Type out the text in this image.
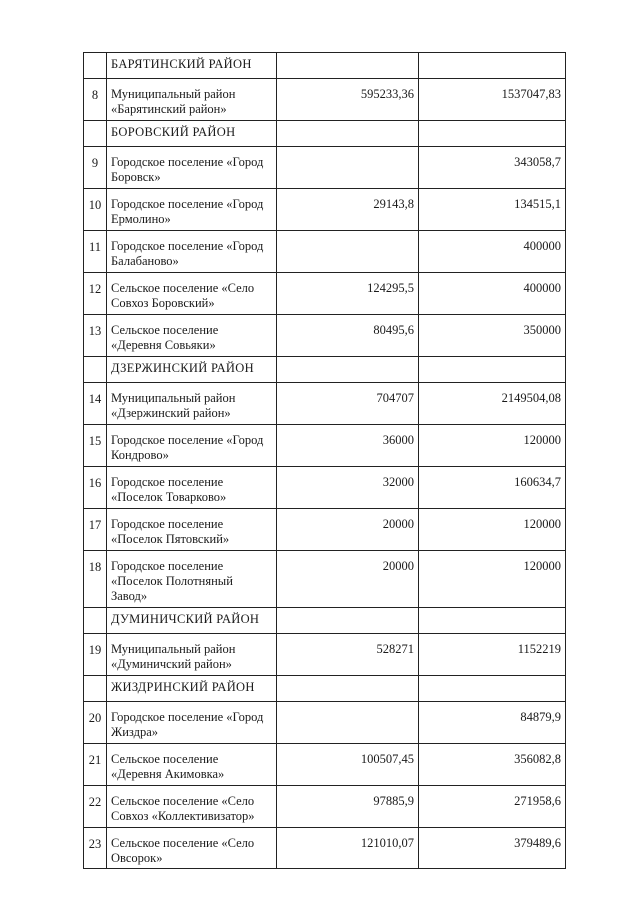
	БАРЯТИНСКИЙ РАЙОН		
8	Муниципальный район
«Барятинский район»	595233,36	1537047,83
	БОРОВСКИЙ РАЙОН		
9	Городское поселение «Город
Боровск»		343058,7
10	Городское поселение «Город
Ермолино»	29143,8	134515,1
11	Городское поселение «Город
Балабаново»		400000
12	Сельское поселение «Село
Совхоз Боровский»	124295,5	400000
13	Сельское поселение
«Деревня Совьяки»	80495,6	350000
	ДЗЕРЖИНСКИЙ РАЙОН		
14	Муниципальный район
«Дзержинский район»	704707	2149504,08
15	Городское поселение «Город
Кондрово»	36000	120000
16	Городское поселение
«Поселок Товарково»	32000	160634,7
17	Городское поселение
«Поселок Пятовский»	20000	120000
18	Городское поселение
«Поселок Полотняный
Завод»	20000	120000
	ДУМИНИЧСКИЙ РАЙОН		
19	Муниципальный район
«Думиничский район»	528271	1152219
	ЖИЗДРИНСКИЙ РАЙОН		
20	Городское поселение «Город
Жиздра»		84879,9
21	Сельское поселение
«Деревня Акимовка»	100507,45	356082,8
22	Сельское поселение «Село
Совхоз «Коллективизатор»	97885,9	271958,6
23	Сельское поселение «Село
Овсорок»	121010,07	379489,6
